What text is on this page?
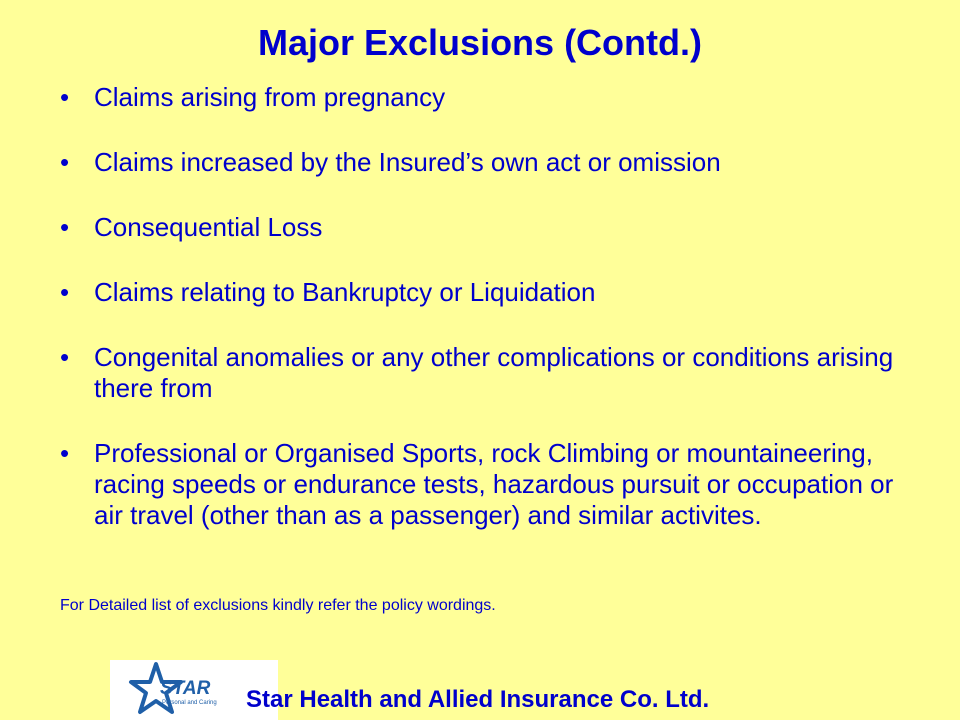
Major Exclusions (Contd.)
• Claims arising from pregnancy
• Claims increased by the Insured’s own act or omission
• Consequential Loss
• Claims relating to Bankruptcy or Liquidation
• Congenital anomalies or any other complications or conditions arising there from
• Professional or Organised Sports, rock Climbing or mountaineering, racing speeds or endurance tests, hazardous pursuit or occupation or air travel (other than as a passenger) and similar activites.
For Detailed list of exclusions kindly refer the policy wordings.
STAR
Personal and Caring Star Health and Allied Insurance Co. Ltd.
